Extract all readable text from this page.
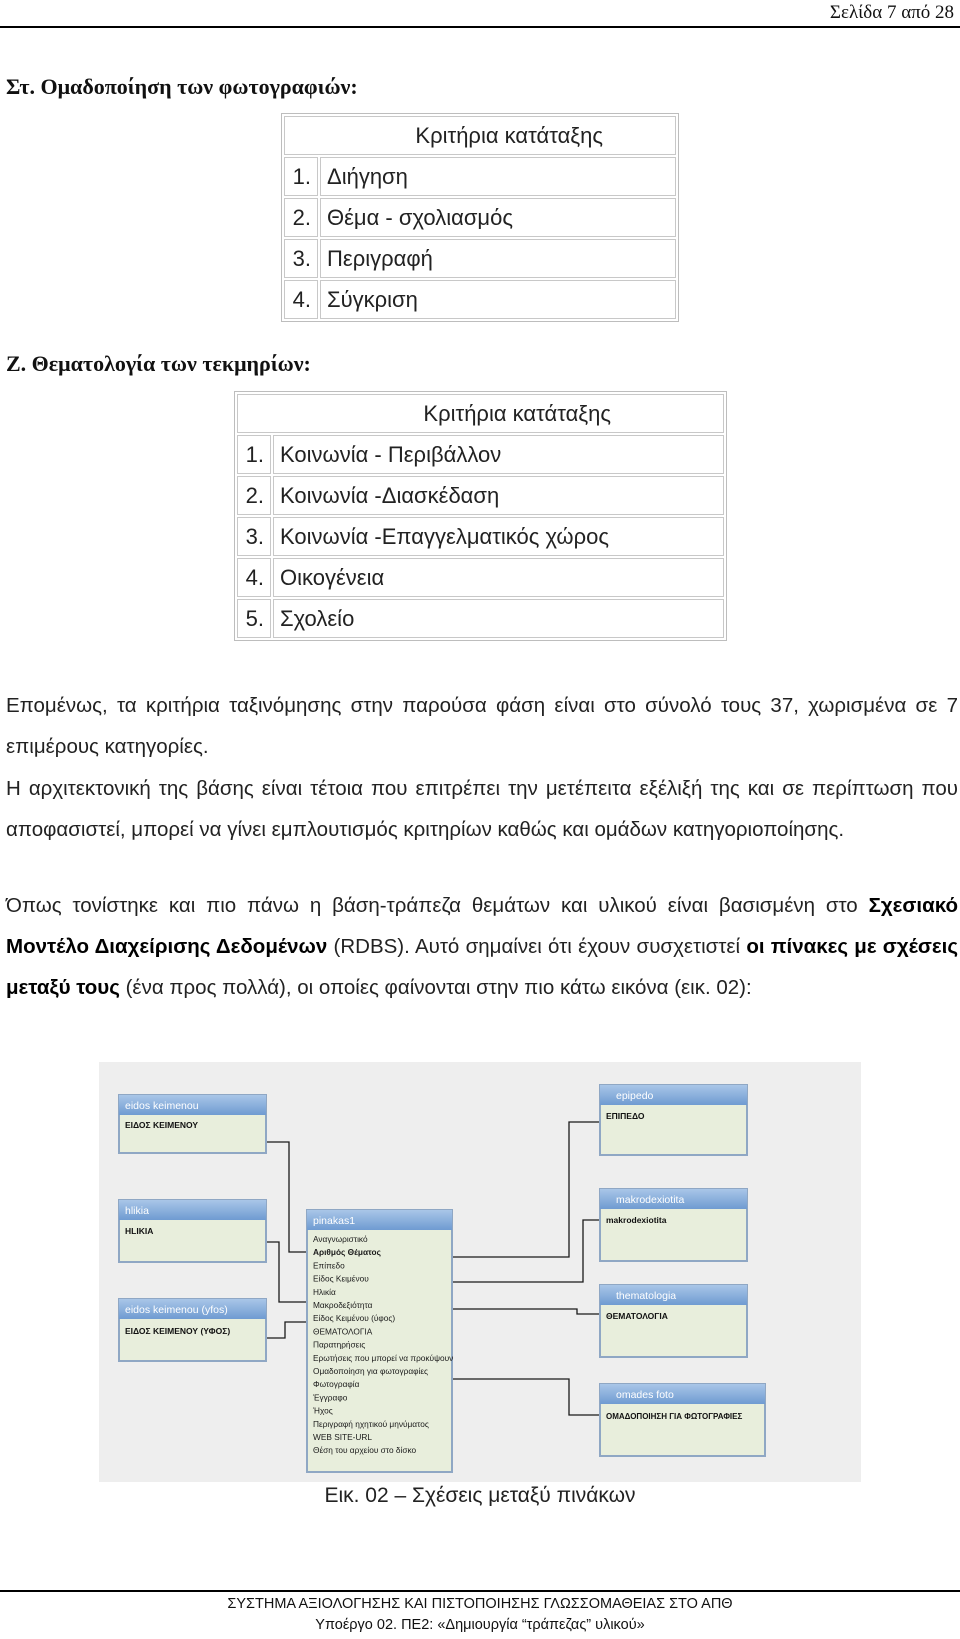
Σελίδα 7 από 28
Στ. Ομαδοποίηση των φωτογραφιών:
Κριτήρια κατάταξης	
1.	Διήγηση
2.	Θέμα - σχολιασμός
3.	Περιγραφή
4.	Σύγκριση
Ζ. Θεματολογία των τεκμηρίων:
Κριτήρια κατάταξης	
1.	Κοινωνία - Περιβάλλον
2.	Κοινωνία -Διασκέδαση
3.	Κοινωνία -Επαγγελματικός χώρος
4.	Οικογένεια
5.	Σχολείο
Επομένως, τα κριτήρια ταξινόμησης στην παρούσα φάση είναι στο σύνολό τους 37, χωρισμένα σε 7 επιμέρους κατηγορίες.
Η αρχιτεκτονική της βάσης είναι τέτοια που επιτρέπει την μετέπειτα εξέλιξή της και σε περίπτωση που αποφασιστεί, μπορεί να γίνει εμπλουτισμός κριτηρίων καθώς και ομάδων κατηγοριοποίησης.
Όπως τονίστηκε και πιο πάνω η βάση-τράπεζα θεμάτων και υλικού είναι βασισμένη στο Σχεσιακό Μοντέλο Διαχείρισης Δεδομένων (RDBS). Αυτό σημαίνει ότι έχουν συσχετιστεί οι πίνακες με σχέσεις μεταξύ τους (ένα προς πολλά), οι οποίες φαίνονται στην πιο κάτω εικόνα (εικ. 02):
eidos keimenou
ΕΙΔΟΣ ΚΕΙΜΕΝΟΥ
hlikia
HLIKIA
eidos keimenou (yfos)
ΕΙΔΟΣ ΚΕΙΜΕΝΟΥ (ΥΦΟΣ)
pinakas1
Αναγνωριστικό
Αριθμός Θέματος
Επίπεδο
Είδος Κειμένου
Ηλικία
Μακροδεξιότητα
Είδος Κειμένου (ύφος)
ΘΕΜΑΤΟΛΟΓΙΑ
Παρατηρήσεις
Ερωτήσεις που μπορεί να προκύψουν
Ομαδοποίηση για φωτογραφίες
Φωτογραφία
Έγγραφο
Ήχος
Περιγραφή ηχητικού μηνύματος
WEB SITE-URL
Θέση του αρχείου στο δίσκο
epipedo
ΕΠΙΠΕΔΟ
makrodexiotita
makrodexiotita
thematologia
ΘΕΜΑΤΟΛΟΓΙΑ
omades foto
ΟΜΑΔΟΠΟΙΗΣΗ ΓΙΑ ΦΩΤΟΓΡΑΦΙΕΣ
Εικ. 02 – Σχέσεις μεταξύ πινάκων
ΣΥΣΤΗΜΑ ΑΞΙΟΛΟΓΗΣΗΣ ΚΑΙ ΠΙΣΤΟΠΟΙΗΣΗΣ ΓΛΩΣΣΟΜΑΘΕΙΑΣ ΣΤΟ ΑΠΘ
Υποέργο 02. ΠΕ2: «Δημιουργία “τράπεζας” υλικού»
